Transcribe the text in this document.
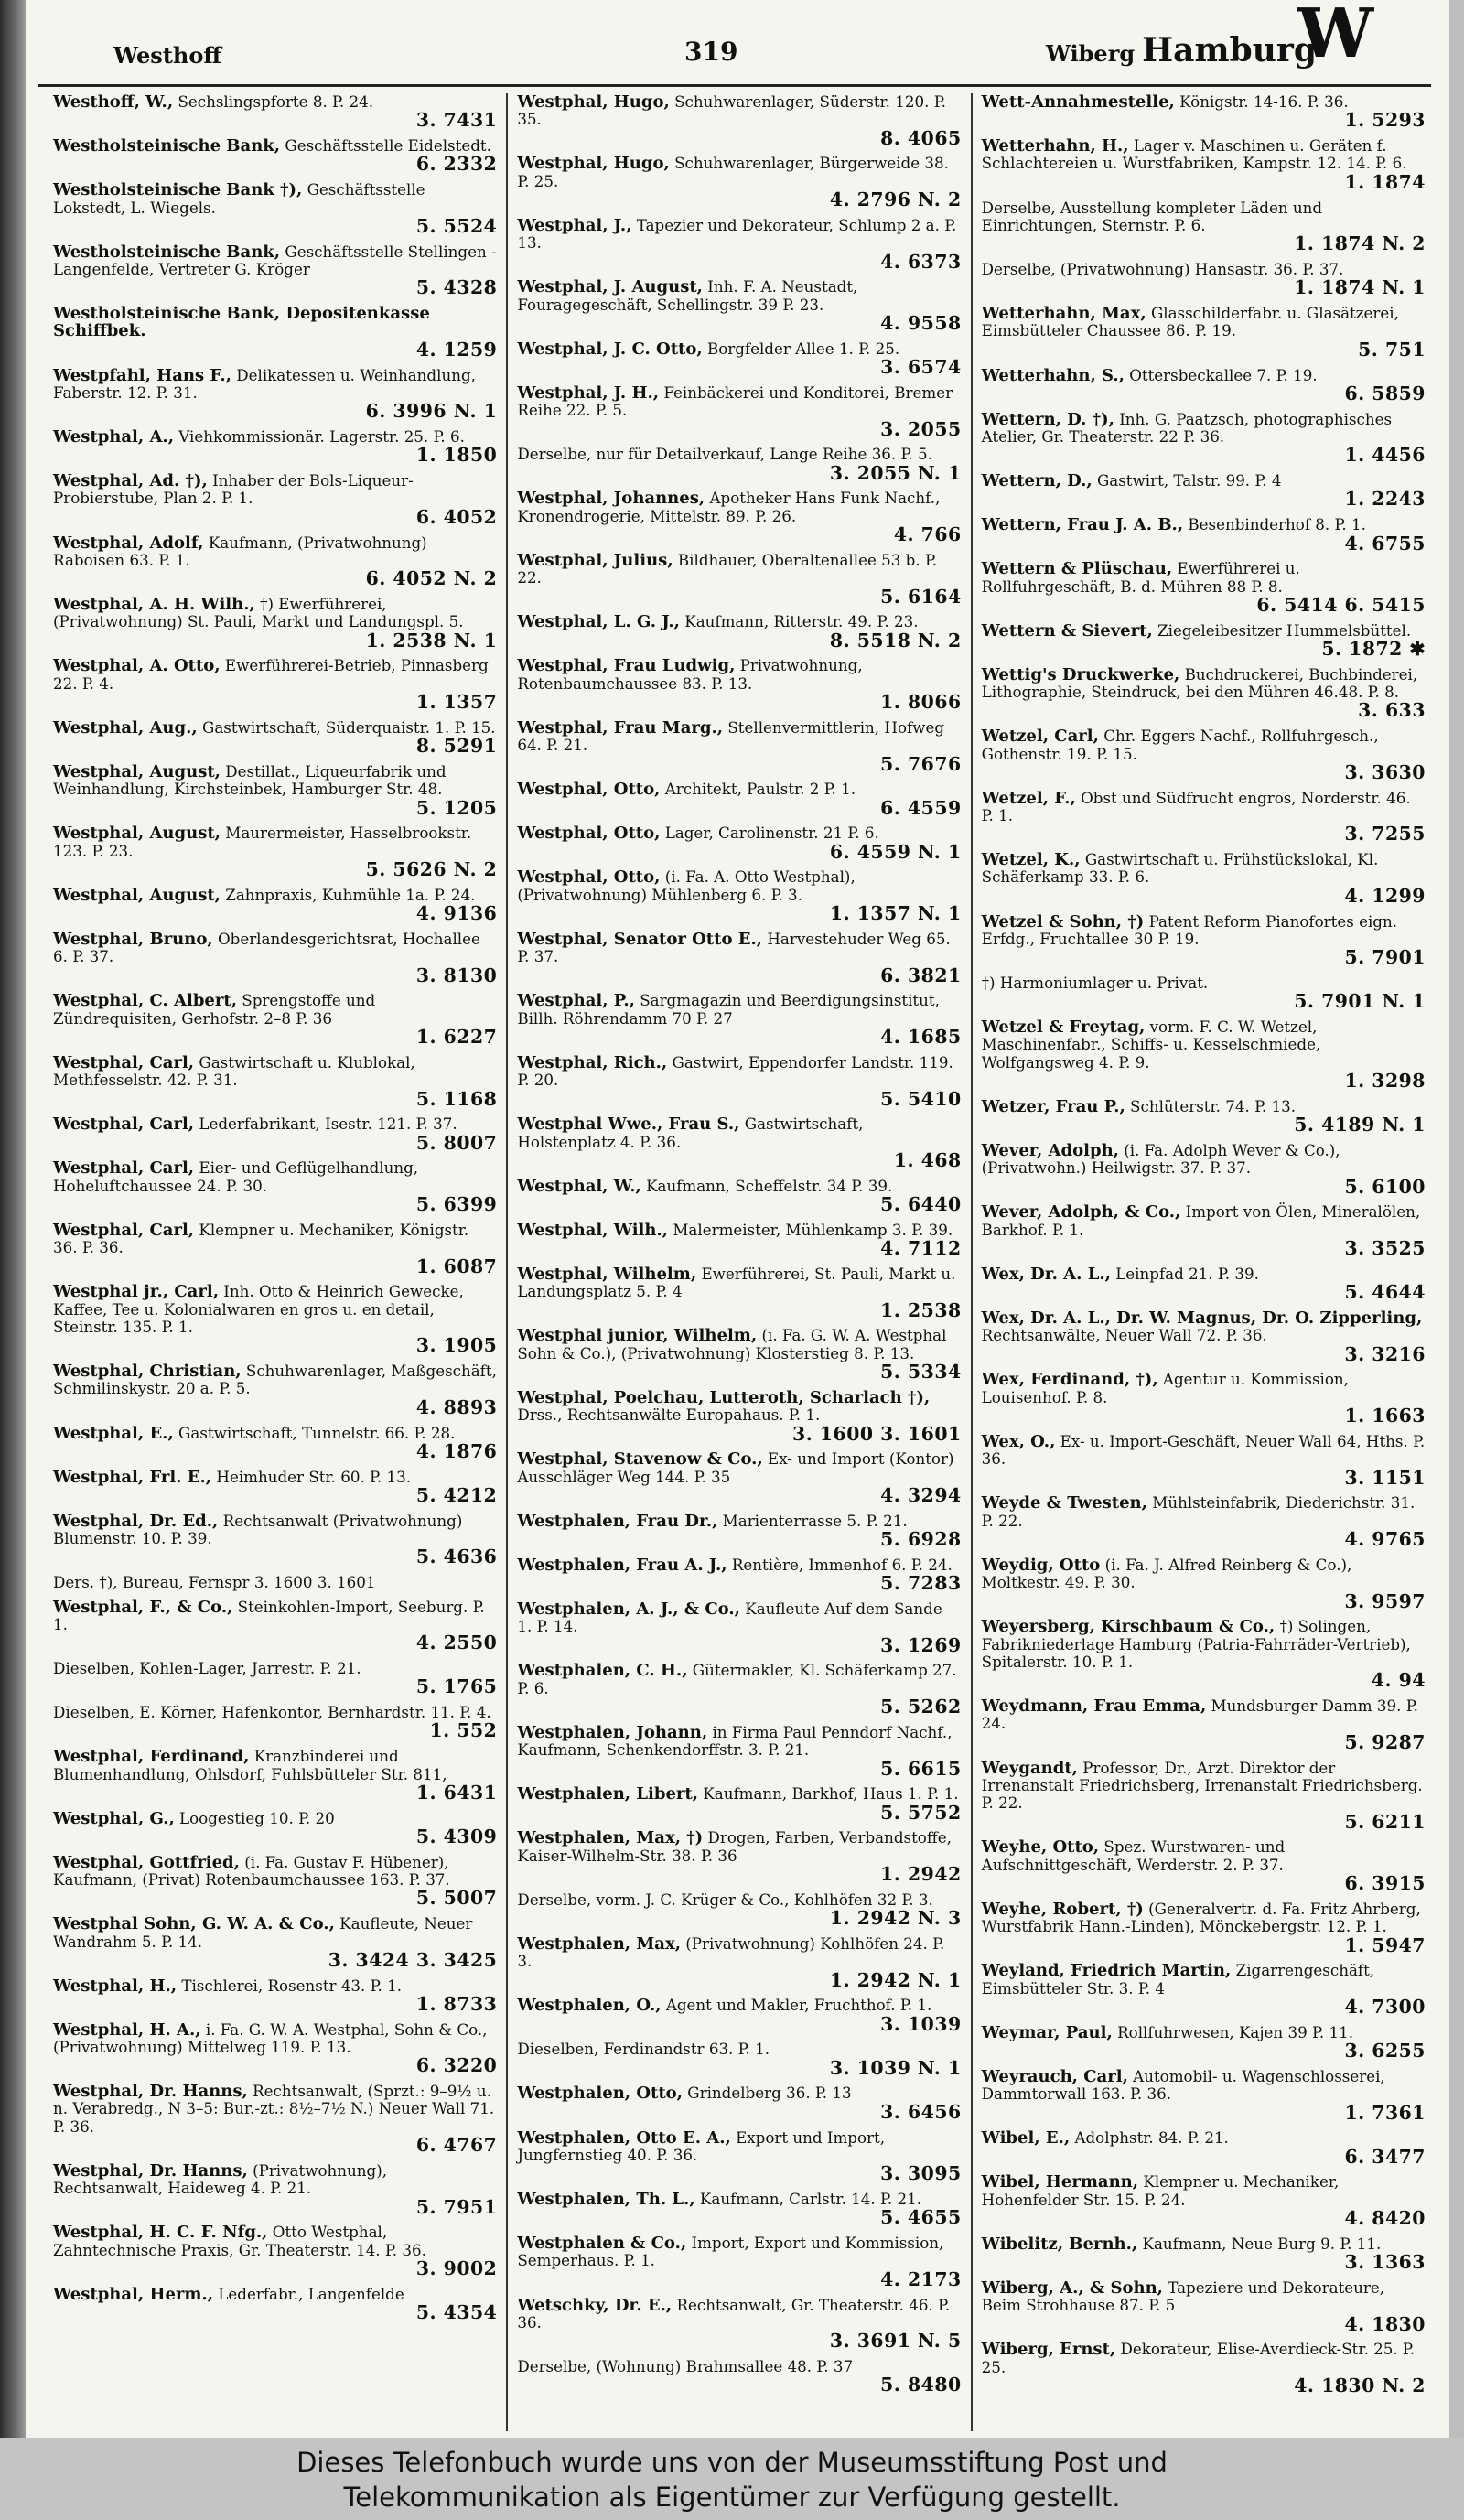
Westhoff	319	Wiberg Hamburg
W
Westhoff, W., Sechslingspforte 8. P. 24.
3. 7431
Westholsteinische Bank, Geschäftsstelle Eidelstedt.
6. 2332
Westholsteinische Bank †), Geschäftsstelle Lokstedt, L. Wiegels.
5. 5524
Westholsteinische Bank, Geschäftsstelle Stellingen - Langenfelde, Vertreter G. Kröger
5. 4328
Westholsteinische Bank, Depositenkasse Schiffbek.
4. 1259
Westpfahl, Hans F., Delikatessen u. Weinhandlung, Faberstr. 12. P. 31.
6. 3996 N. 1
Westphal, A., Viehkommissionär. Lagerstr. 25. P. 6.
1. 1850
Westphal, Ad. †), Inhaber der Bols-Liqueur-Probierstube, Plan 2. P. 1.
6. 4052
Westphal, Adolf, Kaufmann, (Privatwohnung) Raboisen 63. P. 1.
6. 4052 N. 2
Westphal, A. H. Wilh., †) Ewerführerei, (Privatwohnung) St. Pauli, Markt und Landungspl. 5.
1. 2538 N. 1
Westphal, A. Otto, Ewerführerei-Betrieb, Pinnasberg 22. P. 4.
1. 1357
Westphal, Aug., Gastwirtschaft, Süderquaistr. 1. P. 15.
8. 5291
Westphal, August, Destillat., Liqueurfabrik und Weinhandlung, Kirchsteinbek, Hamburger Str. 48.
5. 1205
Westphal, August, Maurermeister, Hasselbrookstr. 123. P. 23.
5. 5626 N. 2
Westphal, August, Zahnpraxis, Kuhmühle 1a. P. 24.
4. 9136
Westphal, Bruno, Oberlandesgerichtsrat, Hochallee 6. P. 37.
3. 8130
Westphal, C. Albert, Sprengstoffe und Zündrequisiten, Gerhofstr. 2–8 P. 36
1. 6227
Westphal, Carl, Gastwirtschaft u. Klublokal, Methfesselstr. 42. P. 31.
5. 1168
Westphal, Carl, Lederfabrikant, Isestr. 121. P. 37.
5. 8007
Westphal, Carl, Eier- und Geflügelhandlung, Hoheluftchaussee 24. P. 30.
5. 6399
Westphal, Carl, Klempner u. Mechaniker, Königstr. 36. P. 36.
1. 6087
Westphal jr., Carl, Inh. Otto & Heinrich Gewecke, Kaffee, Tee u. Kolonialwaren en gros u. en detail, Steinstr. 135. P. 1.
3. 1905
Westphal, Christian, Schuhwarenlager, Maßgeschäft, Schmilinskystr. 20 a. P. 5.
4. 8893
Westphal, E., Gastwirtschaft, Tunnelstr. 66. P. 28.
4. 1876
Westphal, Frl. E., Heimhuder Str. 60. P. 13.
5. 4212
Westphal, Dr. Ed., Rechtsanwalt (Privatwohnung) Blumenstr. 10. P. 39.
5. 4636
Ders. †), Bureau, Fernspr 3. 1600 3. 1601
Westphal, F., & Co., Steinkohlen-Import, Seeburg. P. 1.
4. 2550
Dieselben, Kohlen-Lager, Jarrestr. P. 21.
5. 1765
Dieselben, E. Körner, Hafenkontor, Bernhardstr. 11. P. 4.
1. 552
Westphal, Ferdinand, Kranzbinderei und Blumenhandlung, Ohlsdorf, Fuhlsbütteler Str. 811,
1. 6431
Westphal, G., Loogestieg 10. P. 20
5. 4309
Westphal, Gottfried, (i. Fa. Gustav F. Hübener), Kaufmann, (Privat) Rotenbaumchaussee 163. P. 37.
5. 5007
Westphal Sohn, G. W. A. & Co., Kaufleute, Neuer Wandrahm 5. P. 14.
3. 3424 3. 3425
Westphal, H., Tischlerei, Rosenstr 43. P. 1.
1. 8733
Westphal, H. A., i. Fa. G. W. A. Westphal, Sohn & Co., (Privatwohnung) Mittelweg 119. P. 13.
6. 3220
Westphal, Dr. Hanns, Rechtsanwalt, (Sprzt.: 9–9½ u. n. Verabredg., N 3–5: Bur.-zt.: 8½–7½ N.) Neuer Wall 71. P. 36.
6. 4767
Westphal, Dr. Hanns, (Privatwohnung), Rechtsanwalt, Haideweg 4. P. 21.
5. 7951
Westphal, H. C. F. Nfg., Otto Westphal, Zahntechnische Praxis, Gr. Theaterstr. 14. P. 36.
3. 9002
Westphal, Herm., Lederfabr., Langenfelde
5. 4354
Westphal, Hugo, Schuhwarenlager, Süderstr. 120. P. 35.
8. 4065
Westphal, Hugo, Schuhwarenlager, Bürgerweide 38. P. 25.
4. 2796 N. 2
Westphal, J., Tapezier und Dekorateur, Schlump 2 a. P. 13.
4. 6373
Westphal, J. August, Inh. F. A. Neustadt, Fouragegeschäft, Schellingstr. 39 P. 23.
4. 9558
Westphal, J. C. Otto, Borgfelder Allee 1. P. 25.
3. 6574
Westphal, J. H., Feinbäckerei und Konditorei, Bremer Reihe 22. P. 5.
3. 2055
Derselbe, nur für Detailverkauf, Lange Reihe 36. P. 5.
3. 2055 N. 1
Westphal, Johannes, Apotheker Hans Funk Nachf., Kronendrogerie, Mittelstr. 89. P. 26.
4. 766
Westphal, Julius, Bildhauer, Oberaltenallee 53 b. P. 22.
5. 6164
Westphal, L. G. J., Kaufmann, Ritterstr. 49. P. 23.
8. 5518 N. 2
Westphal, Frau Ludwig, Privatwohnung, Rotenbaumchaussee 83. P. 13.
1. 8066
Westphal, Frau Marg., Stellenvermittlerin, Hofweg 64. P. 21.
5. 7676
Westphal, Otto, Architekt, Paulstr. 2 P. 1.
6. 4559
Westphal, Otto, Lager, Carolinenstr. 21 P. 6.
6. 4559 N. 1
Westphal, Otto, (i. Fa. A. Otto Westphal), (Privatwohnung) Mühlenberg 6. P. 3.
1. 1357 N. 1
Westphal, Senator Otto E., Harvestehuder Weg 65. P. 37.
6. 3821
Westphal, P., Sargmagazin und Beerdigungsinstitut, Billh. Röhrendamm 70 P. 27
4. 1685
Westphal, Rich., Gastwirt, Eppendorfer Landstr. 119. P. 20.
5. 5410
Westphal Wwe., Frau S., Gastwirtschaft, Holstenplatz 4. P. 36.
1. 468
Westphal, W., Kaufmann, Scheffelstr. 34 P. 39.
5. 6440
Westphal, Wilh., Malermeister, Mühlenkamp 3. P. 39.
4. 7112
Westphal, Wilhelm, Ewerführerei, St. Pauli, Markt u. Landungsplatz 5. P. 4
1. 2538
Westphal junior, Wilhelm, (i. Fa. G. W. A. Westphal Sohn & Co.), (Privatwohnung) Klosterstieg 8. P. 13.
5. 5334
Westphal, Poelchau, Lutteroth, Scharlach †), Drss., Rechtsanwälte Europahaus. P. 1.
3. 1600 3. 1601
Westphal, Stavenow & Co., Ex- und Import (Kontor) Ausschläger Weg 144. P. 35
4. 3294
Westphalen, Frau Dr., Marienterrasse 5. P. 21.
5. 6928
Westphalen, Frau A. J., Rentière, Immenhof 6. P. 24.
5. 7283
Westphalen, A. J., & Co., Kaufleute Auf dem Sande 1. P. 14.
3. 1269
Westphalen, C. H., Gütermakler, Kl. Schäferkamp 27. P. 6.
5. 5262
Westphalen, Johann, in Firma Paul Penndorf Nachf., Kaufmann, Schenkendorffstr. 3. P. 21.
5. 6615
Westphalen, Libert, Kaufmann, Barkhof, Haus 1. P. 1.
5. 5752
Westphalen, Max, †) Drogen, Farben, Verbandstoffe, Kaiser-Wilhelm-Str. 38. P. 36
1. 2942
Derselbe, vorm. J. C. Krüger & Co., Kohlhöfen 32 P. 3.
1. 2942 N. 3
Westphalen, Max, (Privatwohnung) Kohlhöfen 24. P. 3.
1. 2942 N. 1
Westphalen, O., Agent und Makler, Fruchthof. P. 1.
3. 1039
Dieselben, Ferdinandstr 63. P. 1.
3. 1039 N. 1
Westphalen, Otto, Grindelberg 36. P. 13
3. 6456
Westphalen, Otto E. A., Export und Import, Jungfernstieg 40. P. 36.
3. 3095
Westphalen, Th. L., Kaufmann, Carlstr. 14. P. 21.
5. 4655
Westphalen & Co., Import, Export und Kommission, Semperhaus. P. 1.
4. 2173
Wetschky, Dr. E., Rechtsanwalt, Gr. Theaterstr. 46. P. 36.
3. 3691 N. 5
Derselbe, (Wohnung) Brahmsallee 48. P. 37
5. 8480
Wett-Annahmestelle, Königstr. 14-16. P. 36.
1. 5293
Wetterhahn, H., Lager v. Maschinen u. Geräten f. Schlachtereien u. Wurstfabriken, Kampstr. 12. 14. P. 6.
1. 1874
Derselbe, Ausstellung kompleter Läden und Einrichtungen, Sternstr. P. 6.
1. 1874 N. 2
Derselbe, (Privatwohnung) Hansastr. 36. P. 37.
1. 1874 N. 1
Wetterhahn, Max, Glasschilderfabr. u. Glasätzerei, Eimsbütteler Chaussee 86. P. 19.
5. 751
Wetterhahn, S., Ottersbeckallee 7. P. 19.
6. 5859
Wettern, D. †), Inh. G. Paatzsch, photographisches Atelier, Gr. Theaterstr. 22 P. 36.
1. 4456
Wettern, D., Gastwirt, Talstr. 99. P. 4
1. 2243
Wettern, Frau J. A. B., Besenbinderhof 8. P. 1.
4. 6755
Wettern & Plüschau, Ewerführerei u. Rollfuhrgeschäft, B. d. Mühren 88 P. 8.
6. 5414 6. 5415
Wettern & Sievert, Ziegeleibesitzer Hummelsbüttel.
5. 1872 ✱
Wettig's Druckwerke, Buchdruckerei, Buchbinderei, Lithographie, Steindruck, bei den Mühren 46.48. P. 8.
3. 633
Wetzel, Carl, Chr. Eggers Nachf., Rollfuhrgesch., Gothenstr. 19. P. 15.
3. 3630
Wetzel, F., Obst und Südfrucht engros, Norderstr. 46. P. 1.
3. 7255
Wetzel, K., Gastwirtschaft u. Frühstückslokal, Kl. Schäferkamp 33. P. 6.
4. 1299
Wetzel & Sohn, †) Patent Reform Pianofortes eign. Erfdg., Fruchtallee 30 P. 19.
5. 7901
†) Harmoniumlager u. Privat.
5. 7901 N. 1
Wetzel & Freytag, vorm. F. C. W. Wetzel, Maschinenfabr., Schiffs- u. Kesselschmiede, Wolfgangsweg 4. P. 9.
1. 3298
Wetzer, Frau P., Schlüterstr. 74. P. 13.
5. 4189 N. 1
Wever, Adolph, (i. Fa. Adolph Wever & Co.), (Privatwohn.) Heilwigstr. 37. P. 37.
5. 6100
Wever, Adolph, & Co., Import von Ölen, Mineralölen, Barkhof. P. 1.
3. 3525
Wex, Dr. A. L., Leinpfad 21. P. 39.
5. 4644
Wex, Dr. A. L., Dr. W. Magnus, Dr. O. Zipperling, Rechtsanwälte, Neuer Wall 72. P. 36.
3. 3216
Wex, Ferdinand, †), Agentur u. Kommission, Louisenhof. P. 8.
1. 1663
Wex, O., Ex- u. Import-Geschäft, Neuer Wall 64, Hths. P. 36.
3. 1151
Weyde & Twesten, Mühlsteinfabrik, Diederichstr. 31. P. 22.
4. 9765
Weydig, Otto (i. Fa. J. Alfred Reinberg & Co.), Moltkestr. 49. P. 30.
3. 9597
Weyersberg, Kirschbaum & Co., †) Solingen, Fabrikniederlage Hamburg (Patria-Fahrräder-Vertrieb), Spitalerstr. 10. P. 1.
4. 94
Weydmann, Frau Emma, Mundsburger Damm 39. P. 24.
5. 9287
Weygandt, Professor, Dr., Arzt. Direktor der Irrenanstalt Friedrichsberg, Irrenanstalt Friedrichsberg. P. 22.
5. 6211
Weyhe, Otto, Spez. Wurstwaren- und Aufschnittgeschäft, Werderstr. 2. P. 37.
6. 3915
Weyhe, Robert, †) (Generalvertr. d. Fa. Fritz Ahrberg, Wurstfabrik Hann.-Linden), Mönckebergstr. 12. P. 1.
1. 5947
Weyland, Friedrich Martin, Zigarrengeschäft, Eimsbütteler Str. 3. P. 4
4. 7300
Weymar, Paul, Rollfuhrwesen, Kajen 39 P. 11.
3. 6255
Weyrauch, Carl, Automobil- u. Wagenschlosserei, Dammtorwall 163. P. 36.
1. 7361
Wibel, E., Adolphstr. 84. P. 21.
6. 3477
Wibel, Hermann, Klempner u. Mechaniker, Hohenfelder Str. 15. P. 24.
4. 8420
Wibelitz, Bernh., Kaufmann, Neue Burg 9. P. 11.
3. 1363
Wiberg, A., & Sohn, Tapeziere und Dekorateure, Beim Strohhause 87. P. 5
4. 1830
Wiberg, Ernst, Dekorateur, Elise-Averdieck-Str. 25. P. 25.
4. 1830 N. 2
Dieses Telefonbuch wurde uns von der Museumsstiftung Post und
Telekommunikation als Eigentümer zur Verfügung gestellt.
